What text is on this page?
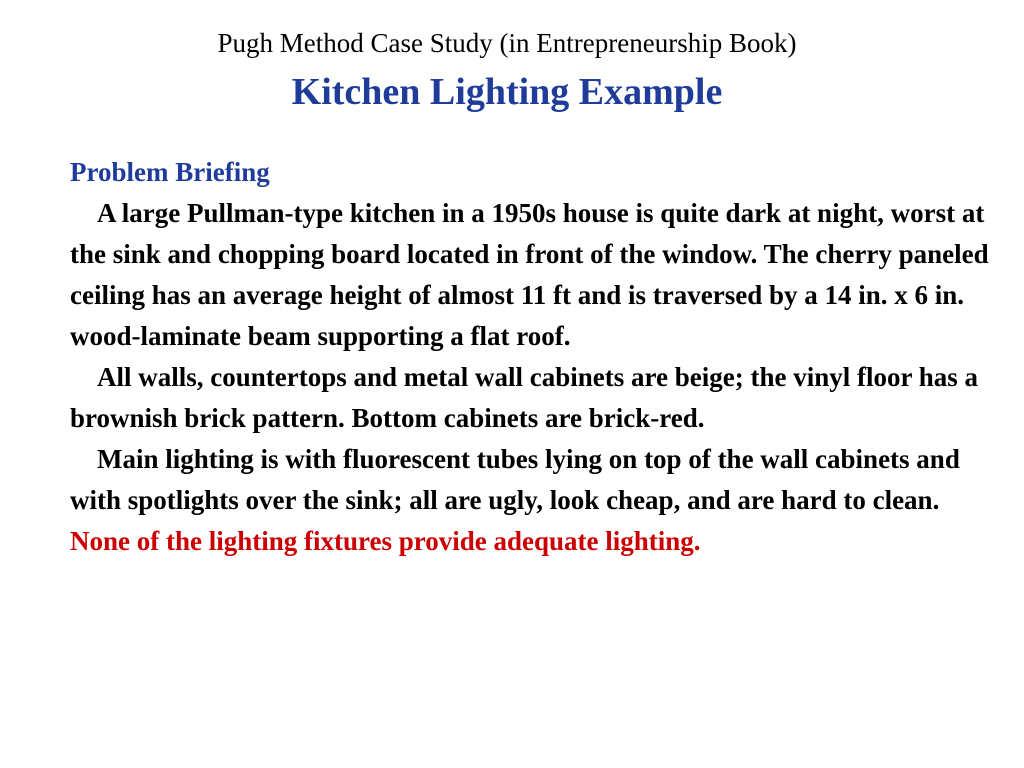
Pugh Method Case Study (in Entrepreneurship Book)
Kitchen Lighting Example

Problem Briefing

A large Pullman-type kitchen in a 1950s house is quite dark at night, worst at the sink and chopping board located in front of the window. The cherry paneled ceiling has an average height of almost 11 ft and is traversed by a 14 in. x 6 in. wood-laminate beam supporting a flat roof.

All walls, countertops and metal wall cabinets are beige; the vinyl floor has a brownish brick pattern. Bottom cabinets are brick-red.

Main lighting is with fluorescent tubes lying on top of the wall cabinets and with spotlights over the sink; all are ugly, look cheap, and are hard to clean.  None of the lighting fixtures provide adequate lighting.
